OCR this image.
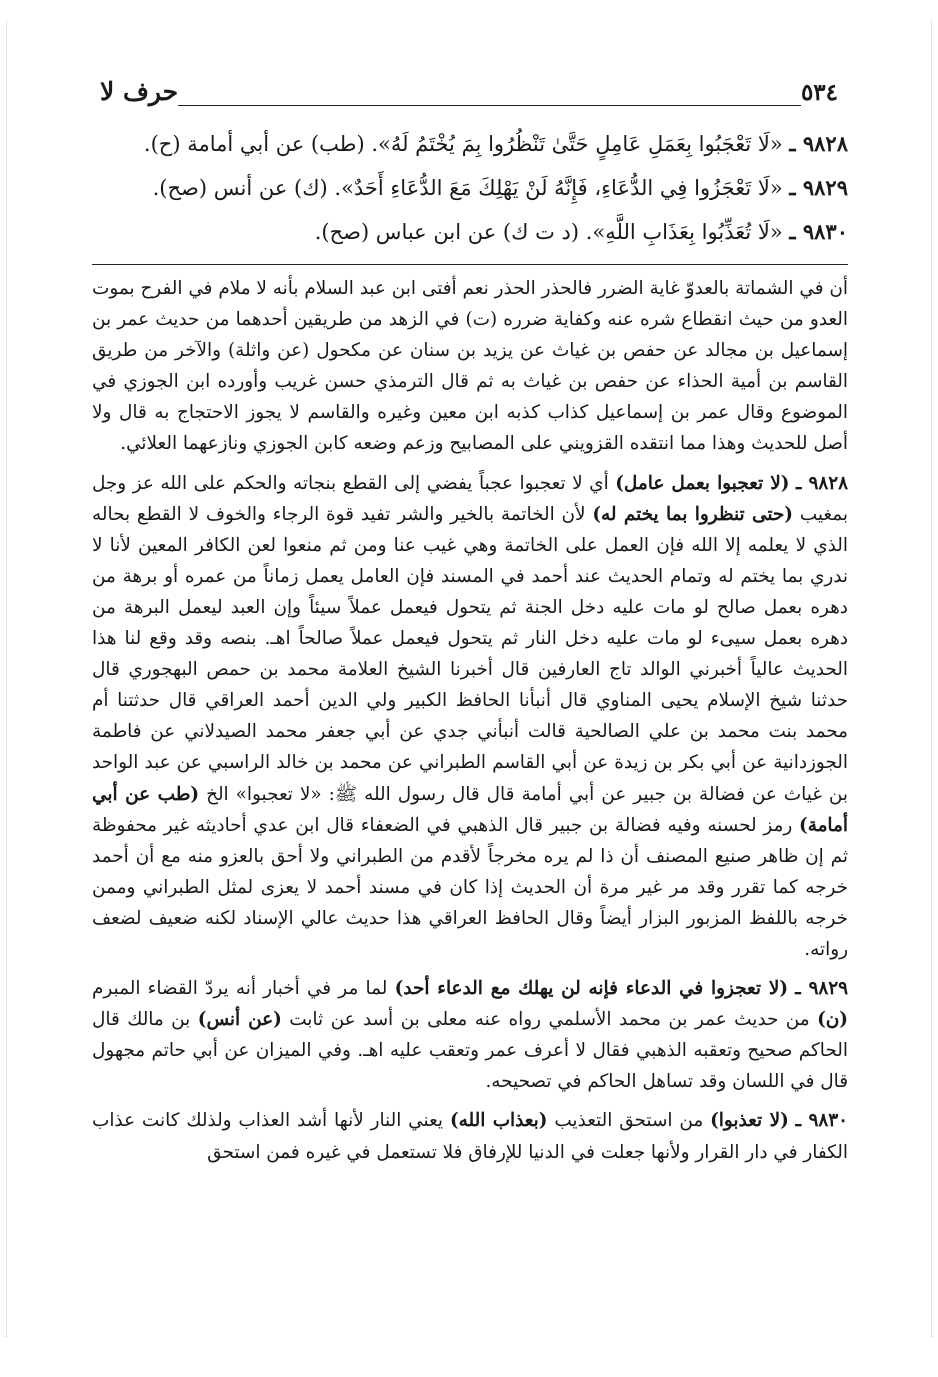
٥٣٤
حرف لا
٩٨٢٨ ـ «لَا تَعْجَبُوا بِعَمَلِ عَامِلٍ حَتَّىٰ تَنْظُرُوا بِمَ يُخْتَمُ لَهُ». (طب) عن أبي أمامة (ح).
٩٨٢٩ ـ «لَا تَعْجَزُوا فِي الدُّعَاءِ، فَإِنَّهُ لَنْ يَهْلِكَ مَعَ الدُّعَاءِ أَحَدٌ». (ك) عن أنس (صح).
٩٨٣٠ ـ «لَا تُعَذِّبُوا بِعَذَابِ اللَّهِ». (د ت ك) عن ابن عباس (صح).

أن في الشماتة بالعدوّ غاية الضرر فالحذر الحذر نعم أفتى ابن عبد السلام بأنه لا ملام في الفرح بموت العدو من حيث انقطاع شره عنه وكفاية ضرره (ت) في الزهد من طريقين أحدهما من حديث عمر بن إسماعيل بن مجالد عن حفص بن غياث عن يزيد بن سنان عن مكحول (عن واثلة) والآخر من طريق القاسم بن أمية الحذاء عن حفص بن غياث به ثم قال الترمذي حسن غريب وأورده ابن الجوزي في الموضوع وقال عمر بن إسماعيل كذاب كذبه ابن معين وغيره والقاسم لا يجوز الاحتجاج به قال ولا أصل للحديث وهذا مما انتقده القزويني على المصابيح وزعم وضعه كابن الجوزي ونازعهما العلائي.

٩٨٢٨ ـ (لا تعجبوا بعمل عامل) أي لا تعجبوا عجباً يفضي إلى القطع بنجاته والحكم على الله عز وجل بمغيب (حتى تنظروا بما يختم له) لأن الخاتمة بالخير والشر تفيد قوة الرجاء والخوف لا القطع بحاله الذي لا يعلمه إلا الله فإن العمل على الخاتمة وهي غيب عنا ومن ثم منعوا لعن الكافر المعين لأنا لا ندري بما يختم له وتمام الحديث عند أحمد في المسند فإن العامل يعمل زماناً من عمره أو برهة من دهره بعمل صالح لو مات عليه دخل الجنة ثم يتحول فيعمل عملاً سيئاً وإن العبد ليعمل البرهة من دهره بعمل سيىء لو مات عليه دخل النار ثم يتحول فيعمل عملاً صالحاً اهـ. بنصه وقد وقع لنا هذا الحديث عالياً أخبرني الوالد تاج العارفين قال أخبرنا الشيخ العلامة محمد بن حمص البهجوري قال حدثنا شيخ الإسلام يحيى المناوي قال أنبأنا الحافظ الكبير ولي الدين أحمد العراقي قال حدثتنا أم محمد بنت محمد بن علي الصالحية قالت أنبأني جدي عن أبي جعفر محمد الصيدلاني عن فاطمة الجوزدانية عن أبي بكر بن زيدة عن أبي القاسم الطبراني عن محمد بن خالد الراسبي عن عبد الواحد بن غياث عن فضالة بن جبير عن أبي أمامة قال قال رسول الله ﷺ: «لا تعجبوا» الخ (طب عن أبي أمامة) رمز لحسنه وفيه فضالة بن جبير قال الذهبي في الضعفاء قال ابن عدي أحاديثه غير محفوظة ثم إن ظاهر صنيع المصنف أن ذا لم يره مخرجاً لأقدم من الطبراني ولا أحق بالعزو منه مع أن أحمد خرجه كما تقرر وقد مر غير مرة أن الحديث إذا كان في مسند أحمد لا يعزى لمثل الطبراني وممن خرجه باللفظ المزبور البزار أيضاً وقال الحافظ العراقي هذا حديث عالي الإسناد لكنه ضعيف لضعف رواته.

٩٨٢٩ ـ (لا تعجزوا في الدعاء فإنه لن يهلك مع الدعاء أحد) لما مر في أخبار أنه يردّ القضاء المبرم (ن) من حديث عمر بن محمد الأسلمي رواه عنه معلى بن أسد عن ثابت (عن أنس) بن مالك قال الحاكم صحيح وتعقبه الذهبي فقال لا أعرف عمر وتعقب عليه اهـ. وفي الميزان عن أبي حاتم مجهول قال في اللسان وقد تساهل الحاكم في تصحيحه.

٩٨٣٠ ـ (لا تعذبوا) من استحق التعذيب (بعذاب الله) يعني النار لأنها أشد العذاب ولذلك كانت عذاب الكفار في دار القرار ولأنها جعلت في الدنيا للإرفاق فلا تستعمل في غيره فمن استحق
